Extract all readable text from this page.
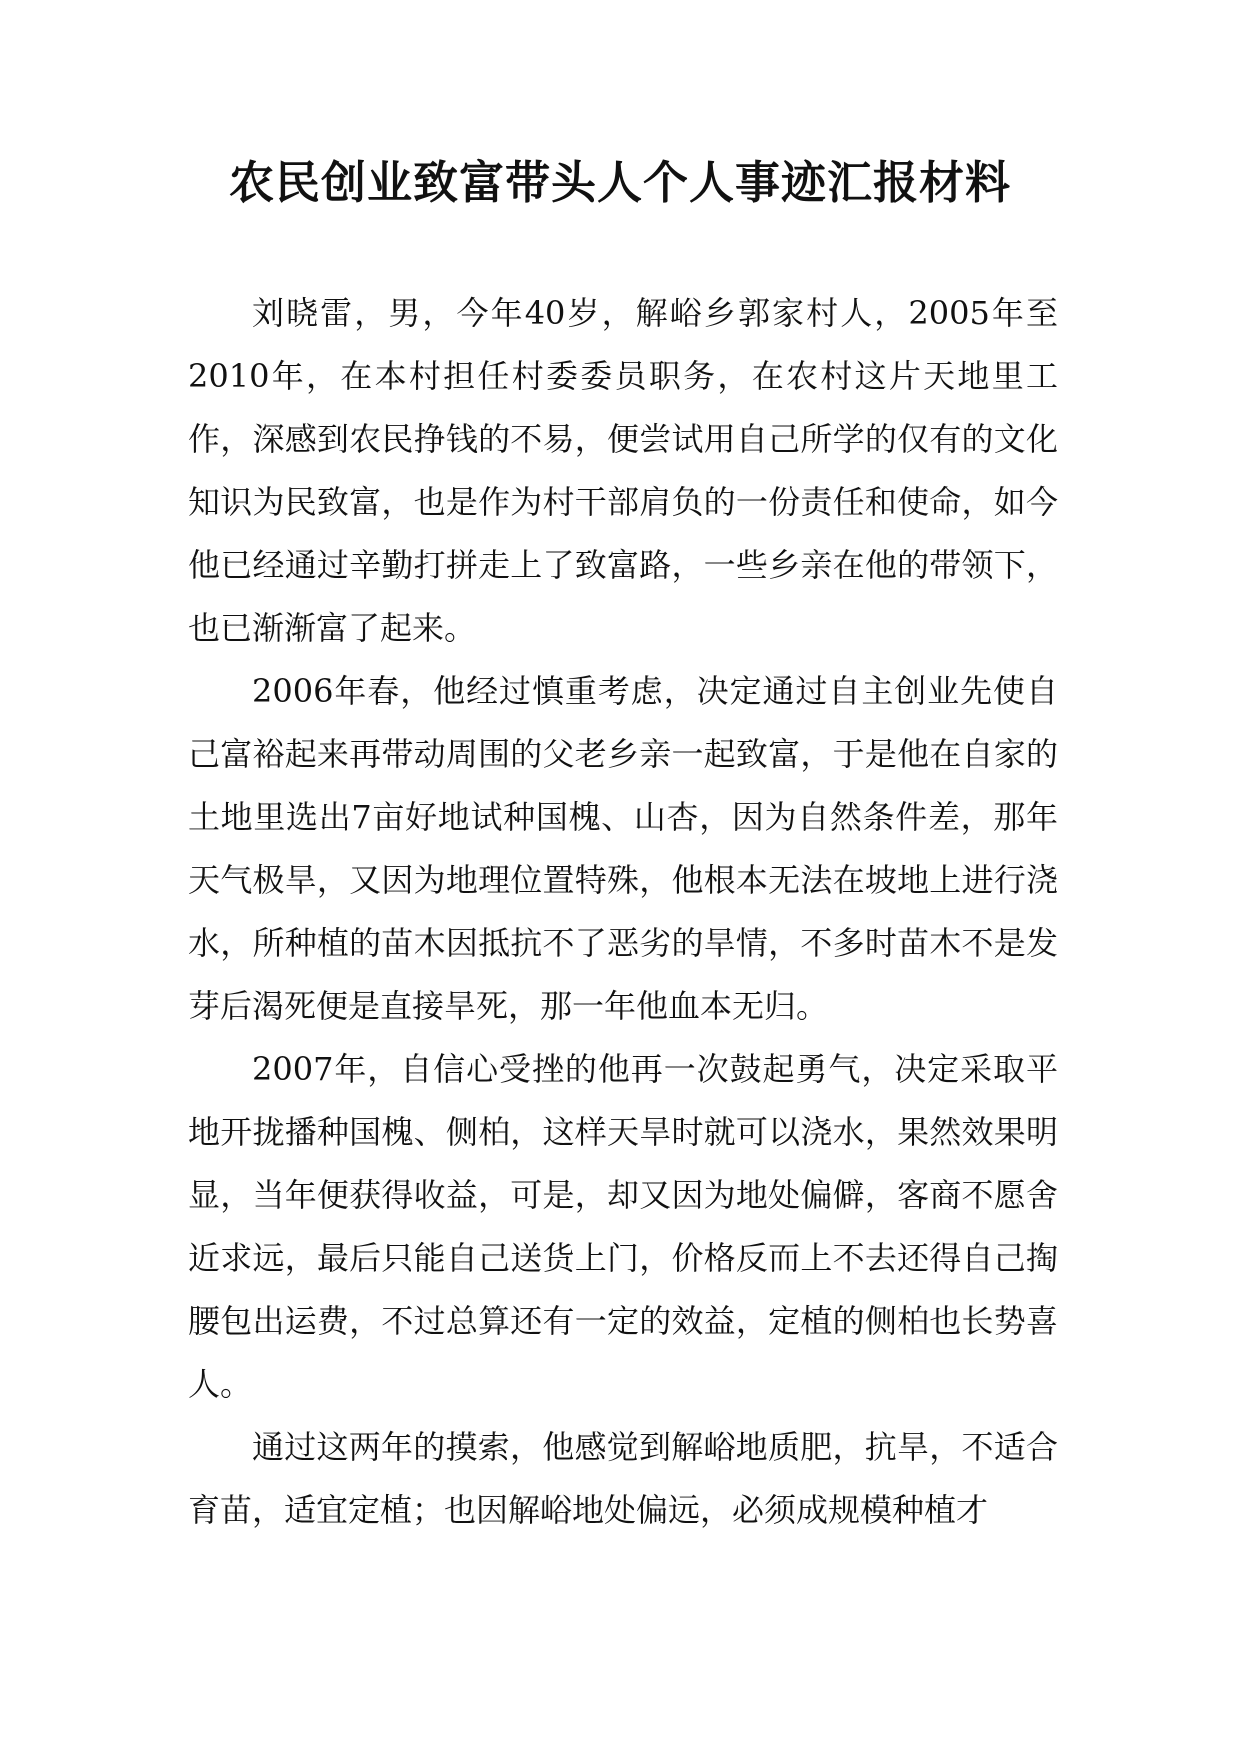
农民创业致富带头人个人事迹汇报材料

刘晓雷，男，今年40岁，解峪乡郭家村人，2005年至2010年，在本村担任村委委员职务，在农村这片天地里工作，深感到农民挣钱的不易，便尝试用自己所学的仅有的文化知识为民致富，也是作为村干部肩负的一份责任和使命，如今他已经通过辛勤打拼走上了致富路，一些乡亲在他的带领下，也已渐渐富了起来。

2006年春，他经过慎重考虑，决定通过自主创业先使自己富裕起来再带动周围的父老乡亲一起致富，于是他在自家的土地里选出7亩好地试种国槐、山杏，因为自然条件差，那年天气极旱，又因为地理位置特殊，他根本无法在坡地上进行浇水，所种植的苗木因抵抗不了恶劣的旱情，不多时苗木不是发芽后渴死便是直接旱死，那一年他血本无归。

2007年，自信心受挫的他再一次鼓起勇气，决定采取平地开拢播种国槐、侧柏，这样天旱时就可以浇水，果然效果明显，当年便获得收益，可是，却又因为地处偏僻，客商不愿舍近求远，最后只能自己送货上门，价格反而上不去还得自己掏腰包出运费，不过总算还有一定的效益，定植的侧柏也长势喜人。

通过这两年的摸索，他感觉到解峪地质肥，抗旱，不适合育苗，适宜定植；也因解峪地处偏远，必须成规模种植才
